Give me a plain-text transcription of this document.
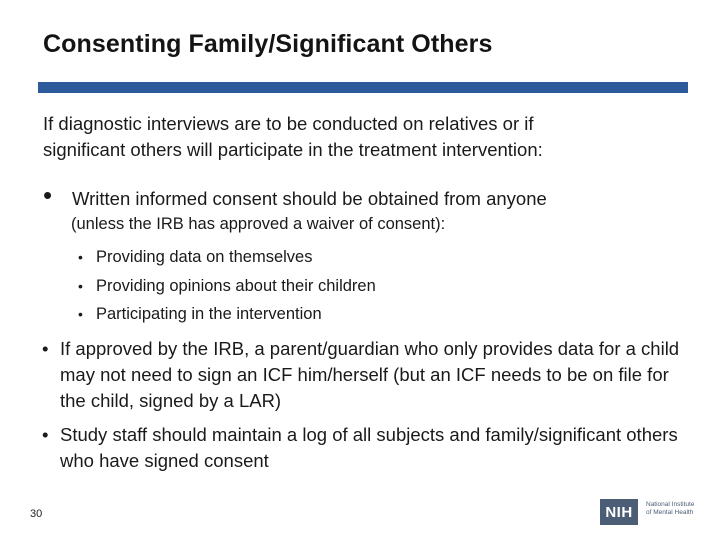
Consenting Family/Significant Others

If diagnostic interviews are to be conducted on relatives or if

significant others will participate in the treatment intervention:

• Written informed consent should be obtained from anyone
(unless the IRB has approved a waiver of consent):
• Providing data on themselves
• Providing opinions about their children
• Participating in the intervention
• If approved by the IRB, a parent/guardian who only provides data for a child may not need to sign an ICF him/herself (but an ICF needs to be on file for the child, signed by a LAR)
• Study staff should maintain a log of all subjects and family/significant others who have signed consent
30	NIH	National Institute
of Mental Health
